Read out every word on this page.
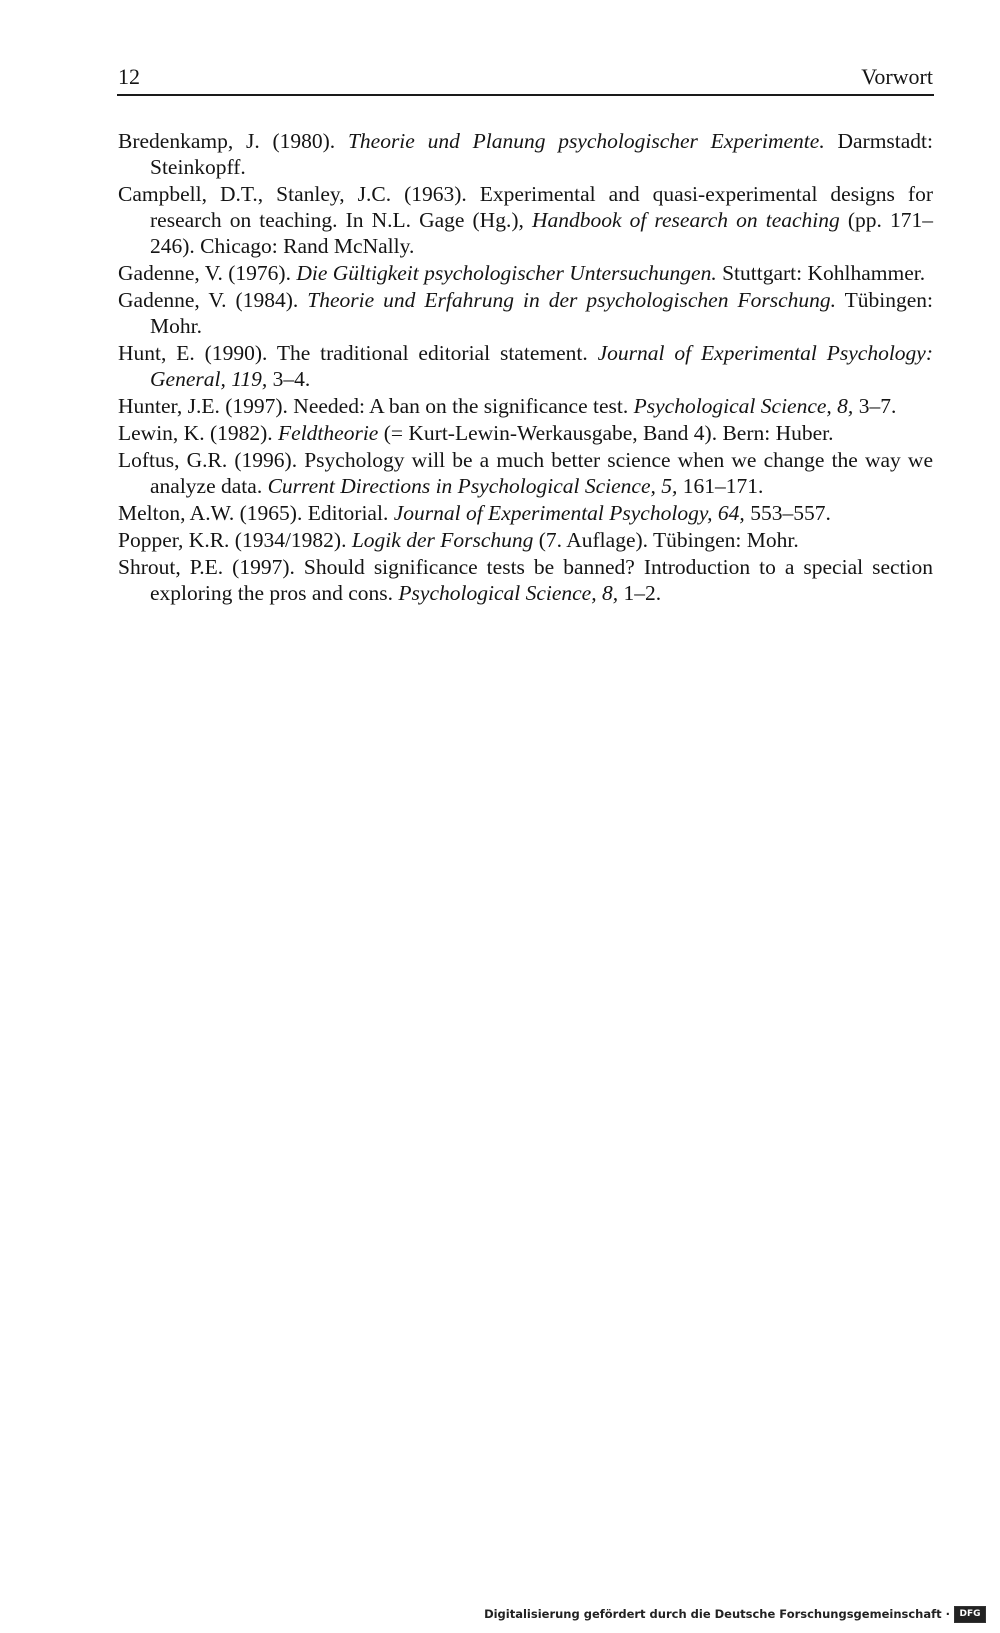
12	Vorwort

Bredenkamp, J. (1980). Theorie und Planung psychologischer Experimente. Darmstadt: Steinkopff.

Campbell, D.T., Stanley, J.C. (1963). Experimental and quasi-experimental designs for research on teaching. In N.L. Gage (Hg.), Handbook of research on teaching (pp. 171–246). Chicago: Rand McNally.

Gadenne, V. (1976). Die Gültigkeit psychologischer Untersuchungen. Stuttgart: Kohlhammer.

Gadenne, V. (1984). Theorie und Erfahrung in der psychologischen Forschung. Tübingen: Mohr.

Hunt, E. (1990). The traditional editorial statement. Journal of Experimental Psychology: General, 119, 3–4.

Hunter, J.E. (1997). Needed: A ban on the significance test. Psychological Science, 8, 3–7.

Lewin, K. (1982). Feldtheorie (= Kurt-Lewin-Werkausgabe, Band 4). Bern: Huber.

Loftus, G.R. (1996). Psychology will be a much better science when we change the way we analyze data. Current Directions in Psychological Science, 5, 161–171.

Melton, A.W. (1965). Editorial. Journal of Experimental Psychology, 64, 553–557.

Popper, K.R. (1934/1982). Logik der Forschung (7. Auflage). Tübingen: Mohr.

Shrout, P.E. (1997). Should significance tests be banned? Introduction to a special section exploring the pros and cons. Psychological Science, 8, 1–2.

Digitalisierung gefördert durch die Deutsche Forschungsgemeinschaft ·	DFG
